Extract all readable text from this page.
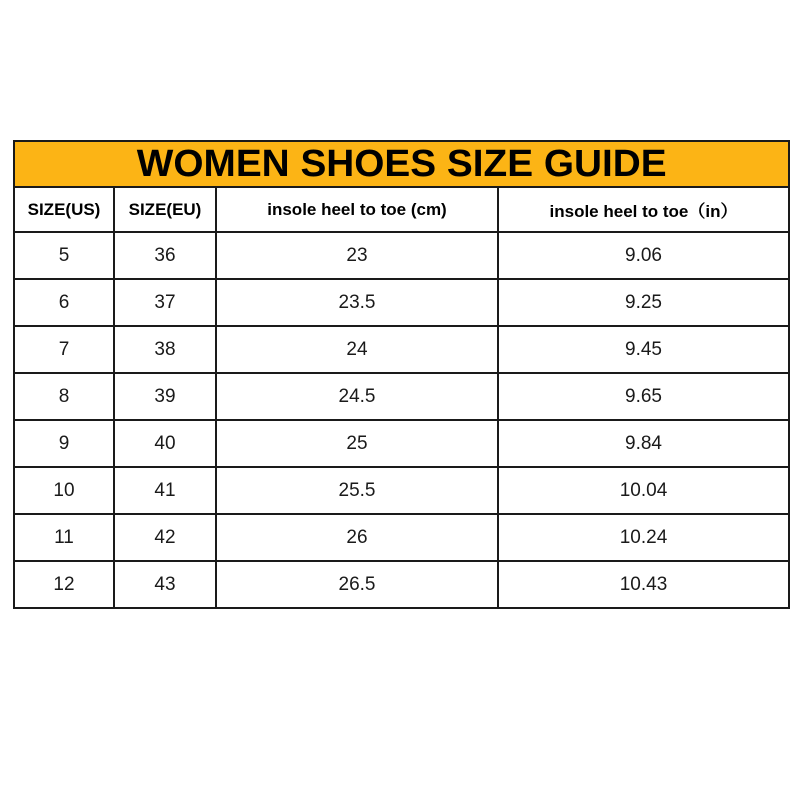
WOMEN SHOES SIZE GUIDE			
SIZE(US)	SIZE(EU)	insole heel to toe (cm)	insole heel to toe（in）
5	36	23	9.06
6	37	23.5	9.25
7	38	24	9.45
8	39	24.5	9.65
9	40	25	9.84
10	41	25.5	10.04
11	42	26	10.24
12	43	26.5	10.43
